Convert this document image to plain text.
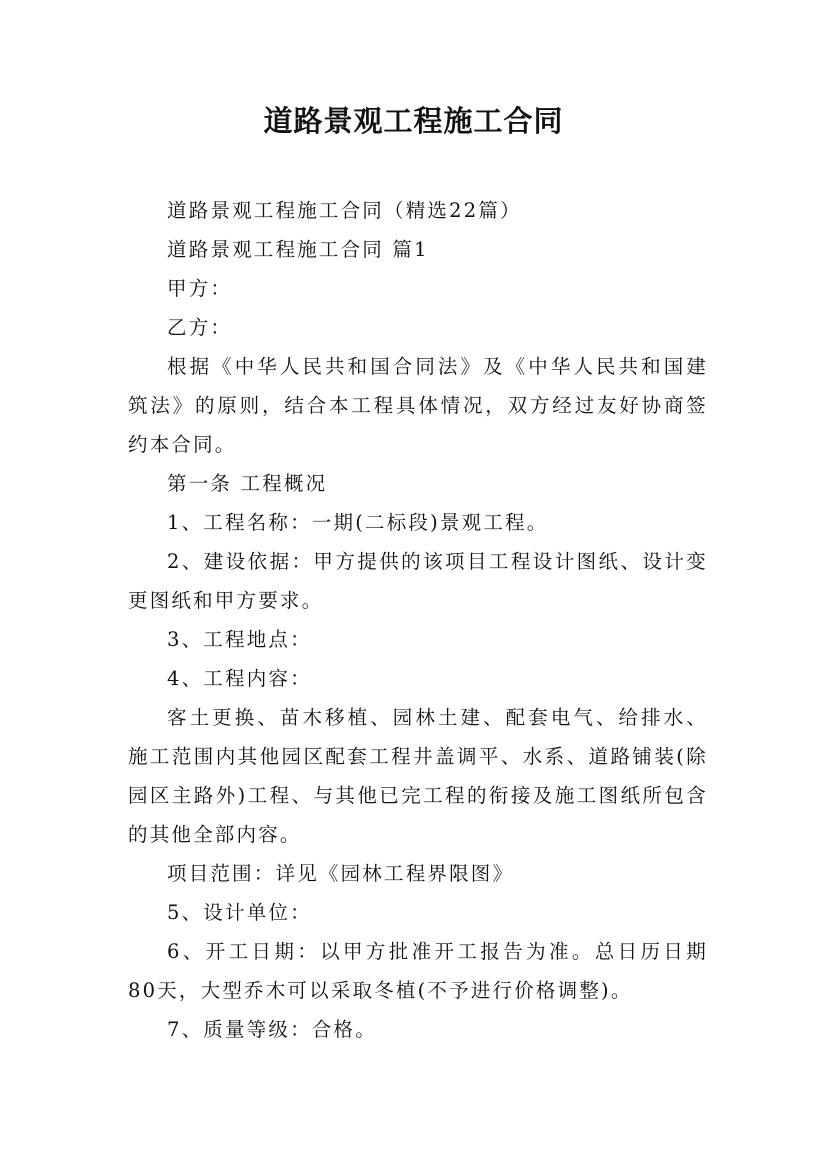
道路景观工程施工合同

道路景观工程施工合同（精选22篇）

道路景观工程施工合同 篇1

甲方：

乙方：

根据《中华人民共和国合同法》及《中华人民共和国建筑法》的原则，结合本工程具体情况，双方经过友好协商签约本合同。

第一条 工程概况

1、工程名称：一期(二标段)景观工程。

2、建设依据：甲方提供的该项目工程设计图纸、设计变更图纸和甲方要求。

3、工程地点：

4、工程内容：

客土更换、苗木移植、园林土建、配套电气、给排水、施工范围内其他园区配套工程井盖调平、水系、道路铺装(除园区主路外)工程、与其他已完工程的衔接及施工图纸所包含的其他全部内容。

项目范围：详见《园林工程界限图》

5、设计单位：

6、开工日期：以甲方批准开工报告为准。总日历日期80天，大型乔木可以采取冬植(不予进行价格调整)。

7、质量等级：合格。
